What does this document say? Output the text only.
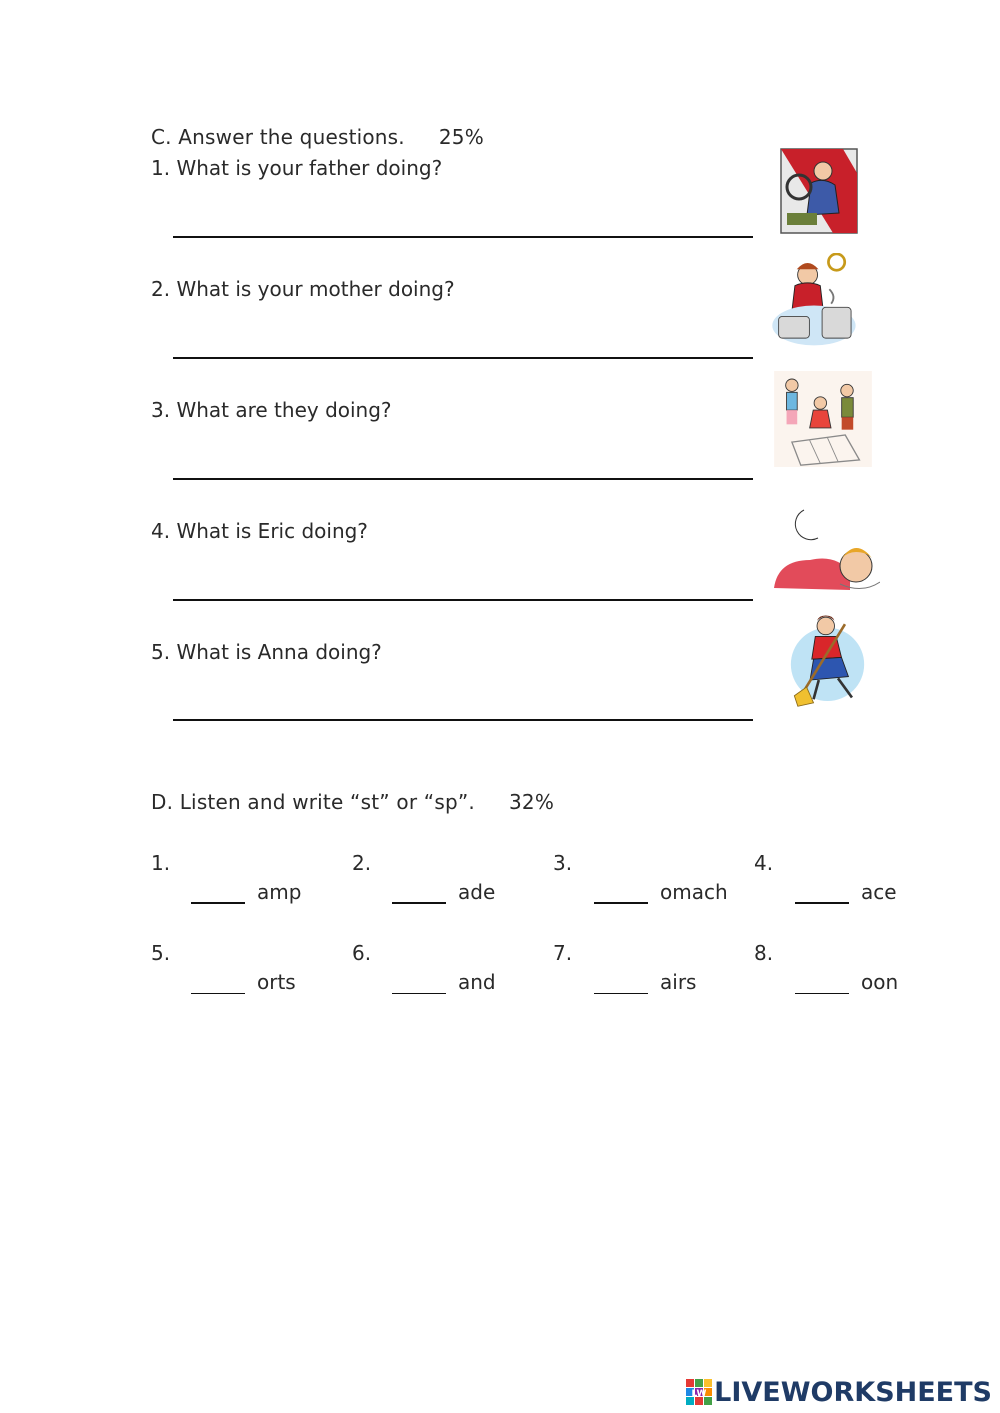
C. Answer the questions. 25%
1. What is your father doing?
2. What is your mother doing?
3. What are they doing?
4. What is Eric doing?
5. What is Anna doing?
D. Listen and write “st” or “sp”. 32%
1.	2.	3.	4.
amp	ade	omach	ace
5.	6.	7.	8.
orts	and	airs	oon
LW LIVEWORKSHEETS
